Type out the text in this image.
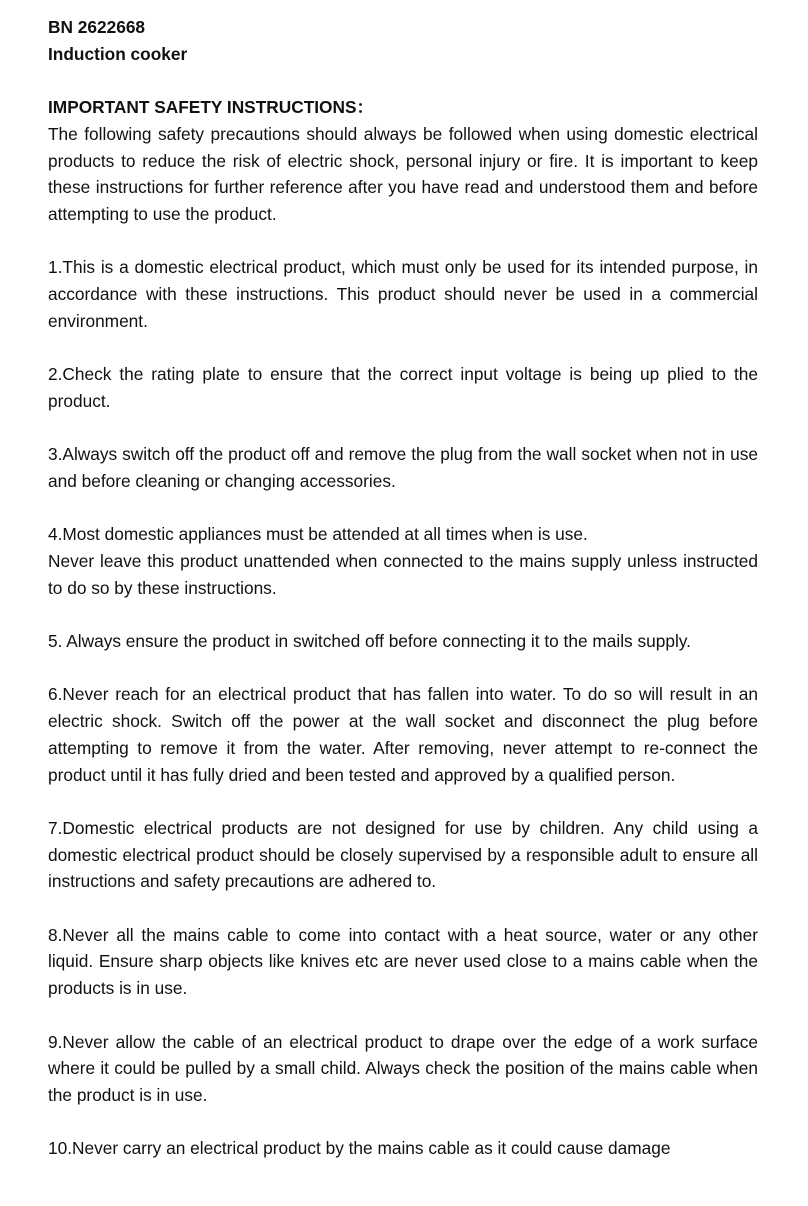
BN 2622668

Induction cooker

IMPORTANT SAFETY INSTRUCTIONS：

The following safety precautions should always be followed when using domestic electrical products to reduce the risk of electric shock, personal injury or fire. It is important to keep these instructions for further reference after you have read and understood them and before attempting to use the product.

1.This is a domestic electrical product, which must only be used for its intended purpose, in accordance with these instructions. This product should never be used in a commercial environment.

2.Check the rating plate to ensure that the correct input voltage is being up plied to the product.

3.Always switch off the product off and remove the plug from the wall socket when not in use and before cleaning or changing accessories.

4.Most domestic appliances must be attended at all times when is use.

Never leave this product unattended when connected to the mains supply unless instructed to do so by these instructions.

5. Always ensure the product in switched off before connecting it to the mails supply.

6.Never reach for an electrical product that has fallen into water. To do so will result in an electric shock. Switch off the power at the wall socket and disconnect the plug before attempting to remove it from the water. After removing, never attempt to re-connect the product until it has fully dried and been tested and approved by a qualified person.

7.Domestic electrical products are not designed for use by children. Any child using a domestic electrical product should be closely supervised by a responsible adult to ensure all instructions and safety precautions are adhered to.

8.Never all the mains cable to come into contact with a heat source, water or any other liquid. Ensure sharp objects like knives etc are never used close to a mains cable when the products is in use.

9.Never allow the cable of an electrical product to drape over the edge of a work surface where it could be pulled by a small child. Always check the position of the mains cable when the product is in use.

10.Never carry an electrical product by the mains cable as it could cause damage
